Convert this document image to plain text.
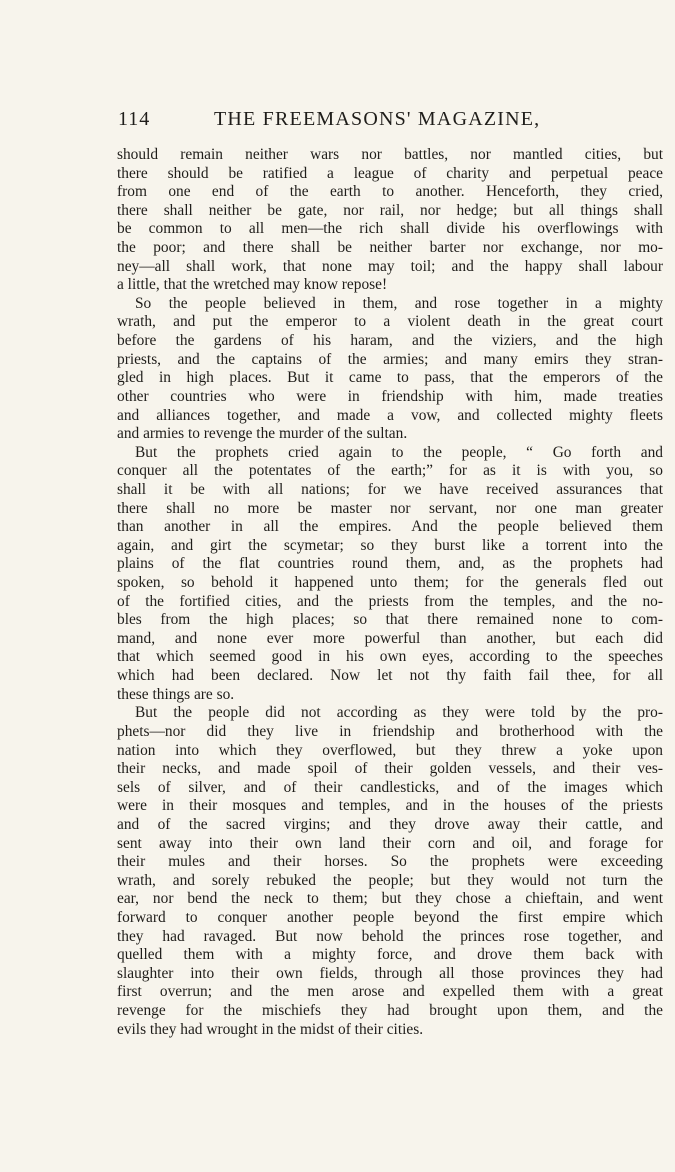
114	THE FREEMASONS' MAGAZINE,
should remain neither wars nor battles, nor mantled cities, but
there should be ratified a league of charity and perpetual peace
from one end of the earth to another. Henceforth, they cried,
there shall neither be gate, nor rail, nor hedge; but all things shall
be common to all men—the rich shall divide his overflowings with
the poor; and there shall be neither barter nor exchange, nor mo-
ney—all shall work, that none may toil; and the happy shall labour
a little, that the wretched may know repose!
So the people believed in them, and rose together in a mighty
wrath, and put the emperor to a violent death in the great court
before the gardens of his haram, and the viziers, and the high
priests, and the captains of the armies; and many emirs they stran-
gled in high places. But it came to pass, that the emperors of the
other countries who were in friendship with him, made treaties
and alliances together, and made a vow, and collected mighty fleets
and armies to revenge the murder of the sultan.
But the prophets cried again to the people, “ Go forth and
conquer all the potentates of the earth;” for as it is with you, so
shall it be with all nations; for we have received assurances that
there shall no more be master nor servant, nor one man greater
than another in all the empires. And the people believed them
again, and girt the scymetar; so they burst like a torrent into the
plains of the flat countries round them, and, as the prophets had
spoken, so behold it happened unto them; for the generals fled out
of the fortified cities, and the priests from the temples, and the no-
bles from the high places; so that there remained none to com-
mand, and none ever more powerful than another, but each did
that which seemed good in his own eyes, according to the speeches
which had been declared. Now let not thy faith fail thee, for all
these things are so.
But the people did not according as they were told by the pro-
phets—nor did they live in friendship and brotherhood with the
nation into which they overflowed, but they threw a yoke upon
their necks, and made spoil of their golden vessels, and their ves-
sels of silver, and of their candlesticks, and of the images which
were in their mosques and temples, and in the houses of the priests
and of the sacred virgins; and they drove away their cattle, and
sent away into their own land their corn and oil, and forage for
their mules and their horses. So the prophets were exceeding
wrath, and sorely rebuked the people; but they would not turn the
ear, nor bend the neck to them; but they chose a chieftain, and went
forward to conquer another people beyond the first empire which
they had ravaged. But now behold the princes rose together, and
quelled them with a mighty force, and drove them back with
slaughter into their own fields, through all those provinces they had
first overrun; and the men arose and expelled them with a great
revenge for the mischiefs they had brought upon them, and the
evils they had wrought in the midst of their cities.
